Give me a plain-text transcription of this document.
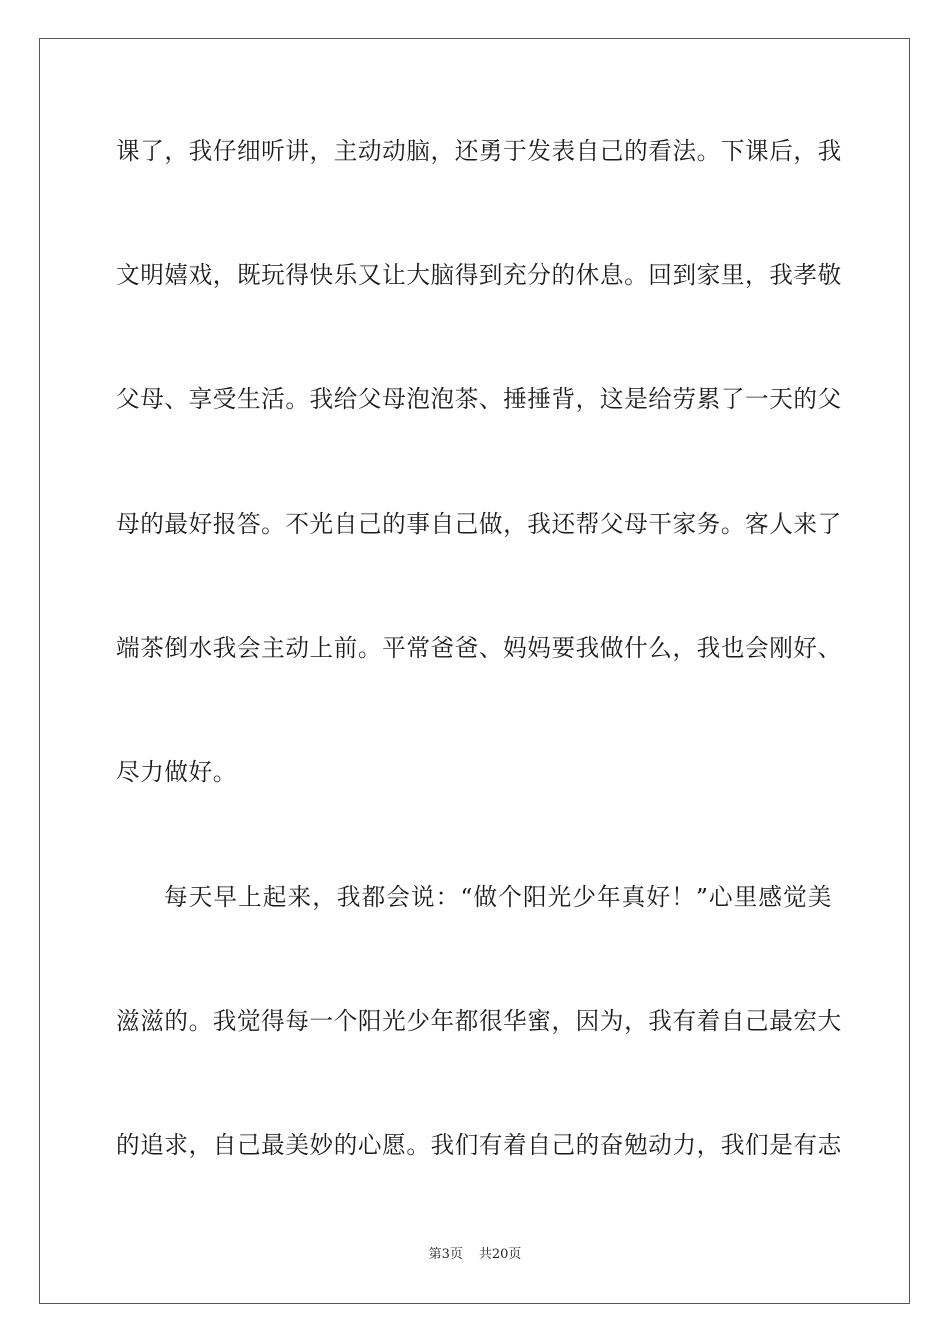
课了，我仔细听讲，主动动脑，还勇于发表自己的看法。下课后，我
文明嬉戏，既玩得快乐又让大脑得到充分的休息。回到家里，我孝敬
父母、享受生活。我给父母泡泡茶、捶捶背，这是给劳累了一天的父
母的最好报答。不光自己的事自己做，我还帮父母干家务。客人来了
端茶倒水我会主动上前。平常爸爸、妈妈要我做什么，我也会刚好、
尽力做好。
每天早上起来，我都会说：“做个阳光少年真好！”心里感觉美
滋滋的。我觉得每一个阳光少年都很华蜜，因为，我有着自己最宏大
的追求，自己最美妙的心愿。我们有着自己的奋勉动力，我们是有志
第3页 共20页
